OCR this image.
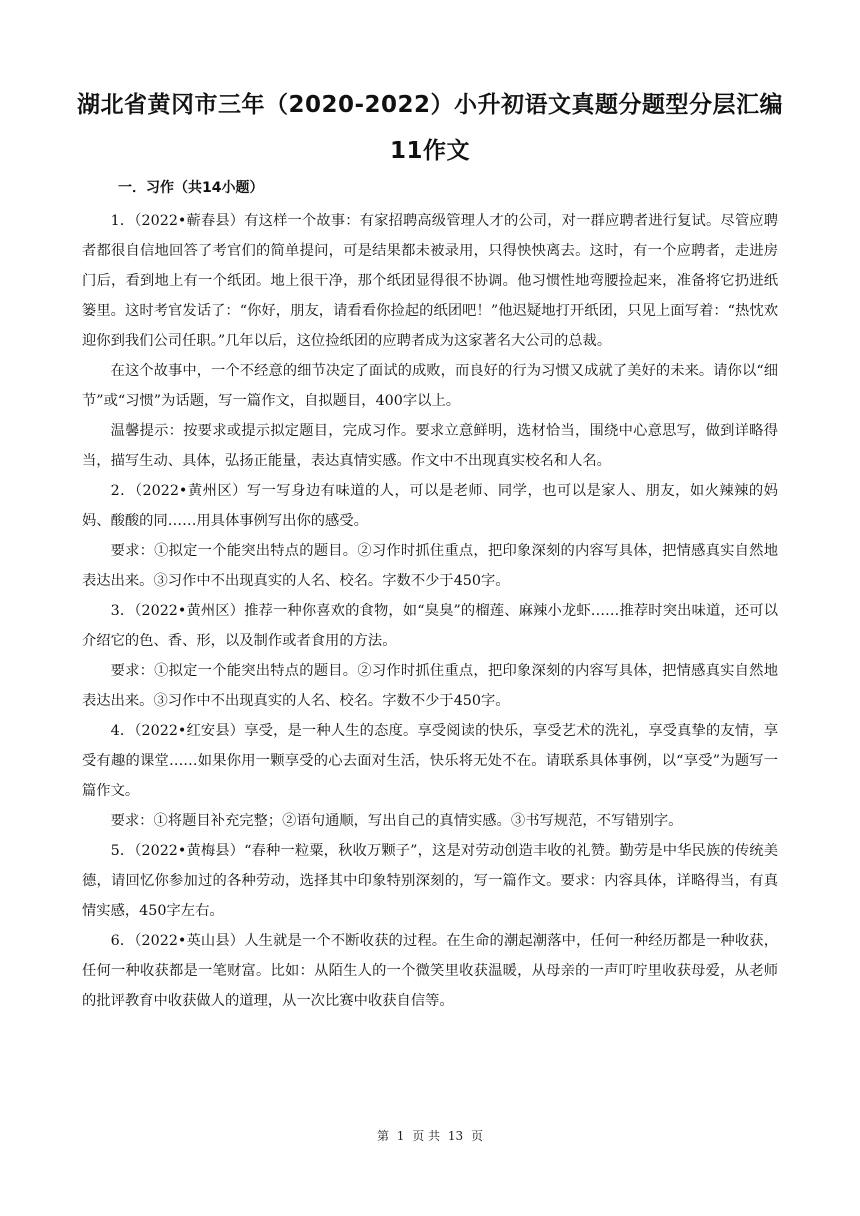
湖北省黄冈市三年（2020-2022）小升初语文真题分题型分层汇编
11作文
一．习作（共14小题）

1．（2022•蕲春县）有这样一个故事：有家招聘高级管理人才的公司，对一群应聘者进行复试。尽管应聘者都很自信地回答了考官们的简单提问，可是结果都未被录用，只得怏怏离去。这时，有一个应聘者，走进房门后，看到地上有一个纸团。地上很干净，那个纸团显得很不协调。他习惯性地弯腰捡起来，准备将它扔进纸篓里。这时考官发话了：“你好，朋友，请看看你捡起的纸团吧！”他迟疑地打开纸团，只见上面写着：“热忱欢迎你到我们公司任职。”几年以后，这位捡纸团的应聘者成为这家著名大公司的总裁。

在这个故事中，一个不经意的细节决定了面试的成败，而良好的行为习惯又成就了美好的未来。请你以“细节”或“习惯”为话题，写一篇作文，自拟题目，400字以上。

温馨提示：按要求或提示拟定题目，完成习作。要求立意鲜明，选材恰当，围绕中心意思写，做到详略得当，描写生动、具体，弘扬正能量，表达真情实感。作文中不出现真实校名和人名。

2．（2022•黄州区）写一写身边有味道的人，可以是老师、同学，也可以是家人、朋友，如火辣辣的妈妈、酸酸的同……用具体事例写出你的感受。

要求：①拟定一个能突出特点的题目。②习作时抓住重点，把印象深刻的内容写具体，把情感真实自然地表达出来。③习作中不出现真实的人名、校名。字数不少于450字。

3．（2022•黄州区）推荐一种你喜欢的食物，如“臭臭”的榴莲、麻辣小龙虾……推荐时突出味道，还可以介绍它的色、香、形，以及制作或者食用的方法。

要求：①拟定一个能突出特点的题目。②习作时抓住重点，把印象深刻的内容写具体，把情感真实自然地表达出来。③习作中不出现真实的人名、校名。字数不少于450字。

4．（2022•红安县）享受，是一种人生的态度。享受阅读的快乐，享受艺术的洗礼，享受真挚的友情，享受有趣的课堂……如果你用一颗享受的心去面对生活，快乐将无处不在。请联系具体事例，以“享受”为题写一篇作文。

要求：①将题目补充完整；②语句通顺，写出自己的真情实感。③书写规范，不写错别字。

5．（2022•黄梅县）“春种一粒粟，秋收万颗子”，这是对劳动创造丰收的礼赞。勤劳是中华民族的传统美德，请回忆你参加过的各种劳动，选择其中印象特别深刻的，写一篇作文。要求：内容具体，详略得当，有真情实感，450字左右。

6．（2022•英山县）人生就是一个不断收获的过程。在生命的潮起潮落中，任何一种经历都是一种收获，任何一种收获都是一笔财富。比如：从陌生人的一个微笑里收获温暖，从母亲的一声叮咛里收获母爱，从老师的批评教育中收获做人的道理，从一次比赛中收获自信等。

第 1 页 共 13 页
